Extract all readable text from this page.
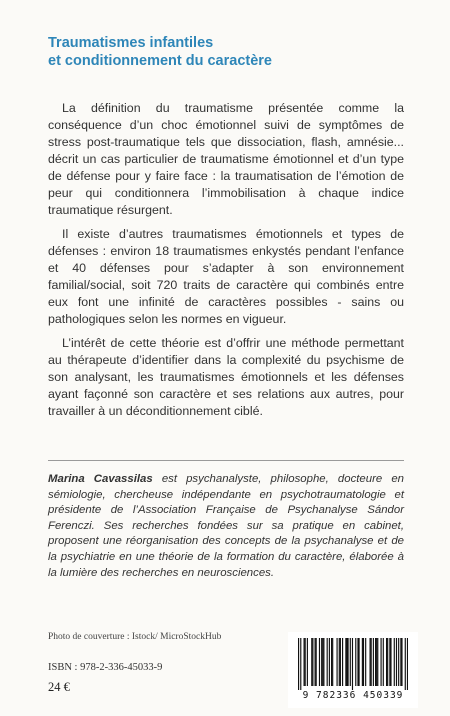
Traumatismes infantiles
et conditionnement du caractère

La définition du traumatisme présentée comme la conséquence d’un choc émotionnel suivi de symptômes de stress post-traumatique tels que dissociation, flash, amnésie... décrit un cas particulier de traumatisme émotionnel et d’un type de défense pour y faire face : la traumatisation de l’émotion de peur qui conditionnera l’immobilisation à chaque indice traumatique résurgent.

Il existe d’autres traumatismes émotionnels et types de défenses : environ 18 traumatismes enkystés pendant l’enfance et 40 défenses pour s’adapter à son environnement familial/social, soit 720 traits de caractère qui combinés entre eux font une infinité de caractères possibles - sains ou pathologiques selon les normes en vigueur.

L’intérêt de cette théorie est d’offrir une méthode permettant au thérapeute d’identifier dans la complexité du psychisme de son analysant, les traumatismes émotionnels et les défenses ayant façonné son caractère et ses relations aux autres, pour travailler à un déconditionnement ciblé.

Marina Cavassilas est psychanalyste, philosophe, docteure en sémiologie, chercheuse indépendante en psychotraumatologie et présidente de l’Association Française de Psychanalyse Sándor Ferenczi. Ses recherches fondées sur sa pratique en cabinet, proposent une réorganisation des concepts de la psychanalyse et de la psychiatrie en une théorie de la formation du caractère, élaborée à la lumière des recherches en neurosciences.
Photo de couverture : Istock/ MicroStockHub
ISBN : 978-2-336-45033-9
24 €
9 782336 450339
